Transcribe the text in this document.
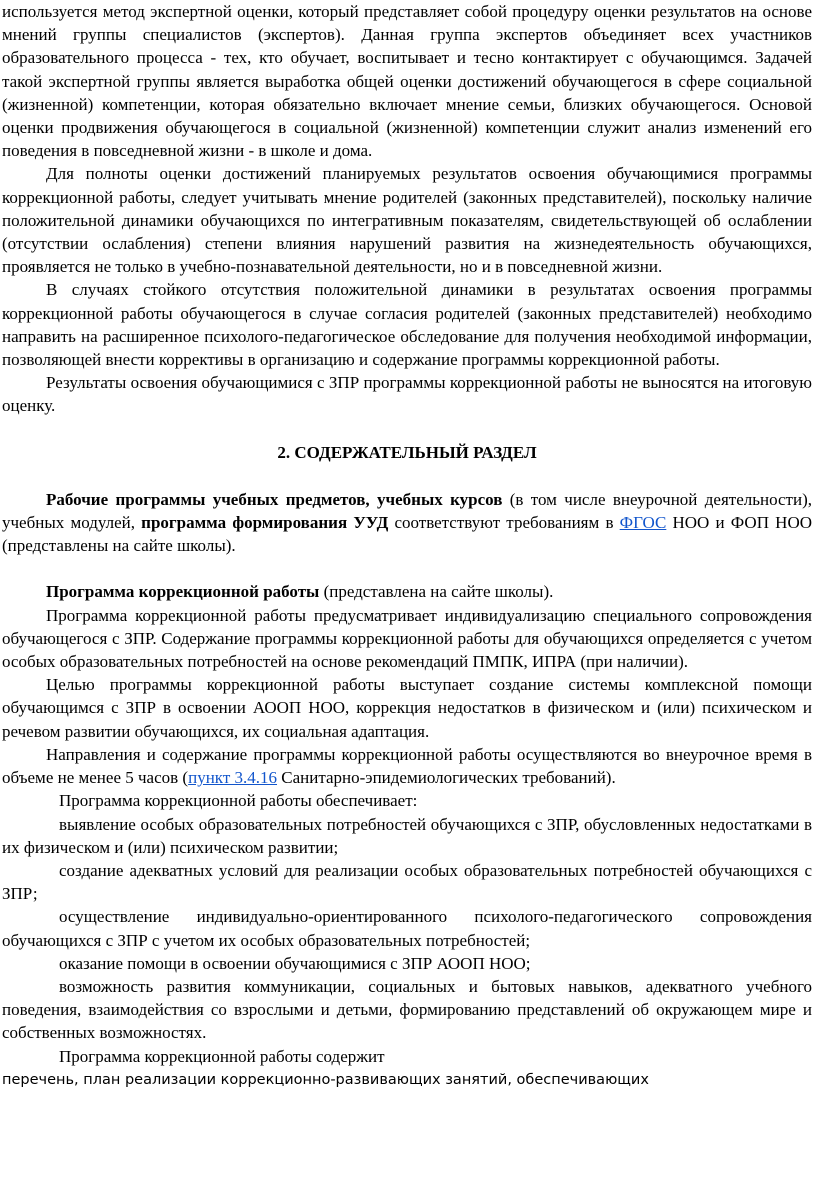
используется метод экспертной оценки, который представляет собой процедуру оценки результатов на основе мнений группы специалистов (экспертов). Данная группа экспертов объединяет всех участников образовательного процесса - тех, кто обучает, воспитывает и тесно контактирует с обучающимся. Задачей такой экспертной группы является выработка общей оценки достижений обучающегося в сфере социальной (жизненной) компетенции, которая обязательно включает мнение семьи, близких обучающегося. Основой оценки продвижения обучающегося в социальной (жизненной) компетенции служит анализ изменений его поведения в повседневной жизни - в школе и дома.

Для полноты оценки достижений планируемых результатов освоения обучающимися программы коррекционной работы, следует учитывать мнение родителей (законных представителей), поскольку наличие положительной динамики обучающихся по интегративным показателям, свидетельствующей об ослаблении (отсутствии ослабления) степени влияния нарушений развития на жизнедеятельность обучающихся, проявляется не только в учебно-познавательной деятельности, но и в повседневной жизни.

В случаях стойкого отсутствия положительной динамики в результатах освоения программы коррекционной работы обучающегося в случае согласия родителей (законных представителей) необходимо направить на расширенное психолого-педагогическое обследование для получения необходимой информации, позволяющей внести коррективы в организацию и содержание программы коррекционной работы.

Результаты освоения обучающимися с ЗПР программы коррекционной работы не выносятся на итоговую оценку.

2. СОДЕРЖАТЕЛЬНЫЙ РАЗДЕЛ

Рабочие программы учебных предметов, учебных курсов (в том числе внеурочной деятельности), учебных модулей, программа формирования УУД соответствуют требованиям в ФГОС НОО и ФОП НОО (представлены на сайте школы).

Программа коррекционной работы (представлена на сайте школы).

Программа коррекционной работы предусматривает индивидуализацию специального сопровождения обучающегося с ЗПР. Содержание программы коррекционной работы для обучающихся определяется с учетом особых образовательных потребностей на основе рекомендаций ПМПК, ИПРА (при наличии).

Целью программы коррекционной работы выступает создание системы комплексной помощи обучающимся с ЗПР в освоении АООП НОО, коррекция недостатков в физическом и (или) психическом и речевом развитии обучающихся, их социальная адаптация.

Направления и содержание программы коррекционной работы осуществляются во внеурочное время в объеме не менее 5 часов (пункт 3.4.16 Санитарно-эпидемиологических требований).

Программа коррекционной работы обеспечивает:

выявление особых образовательных потребностей обучающихся с ЗПР, обусловленных недостатками в их физическом и (или) психическом развитии;

создание адекватных условий для реализации особых образовательных потребностей обучающихся с ЗПР;

осуществление индивидуально-ориентированного психолого-педагогического сопровождения обучающихся с ЗПР с учетом их особых образовательных потребностей;

оказание помощи в освоении обучающимися с ЗПР АООП НОО;

возможность развития коммуникации, социальных и бытовых навыков, адекватного учебного поведения, взаимодействия со взрослыми и детьми, формированию представлений об окружающем мире и собственных возможностях.

Программа коррекционной работы содержит

перечень, план реализации коррекционно-развивающих занятий, обеспечивающих
